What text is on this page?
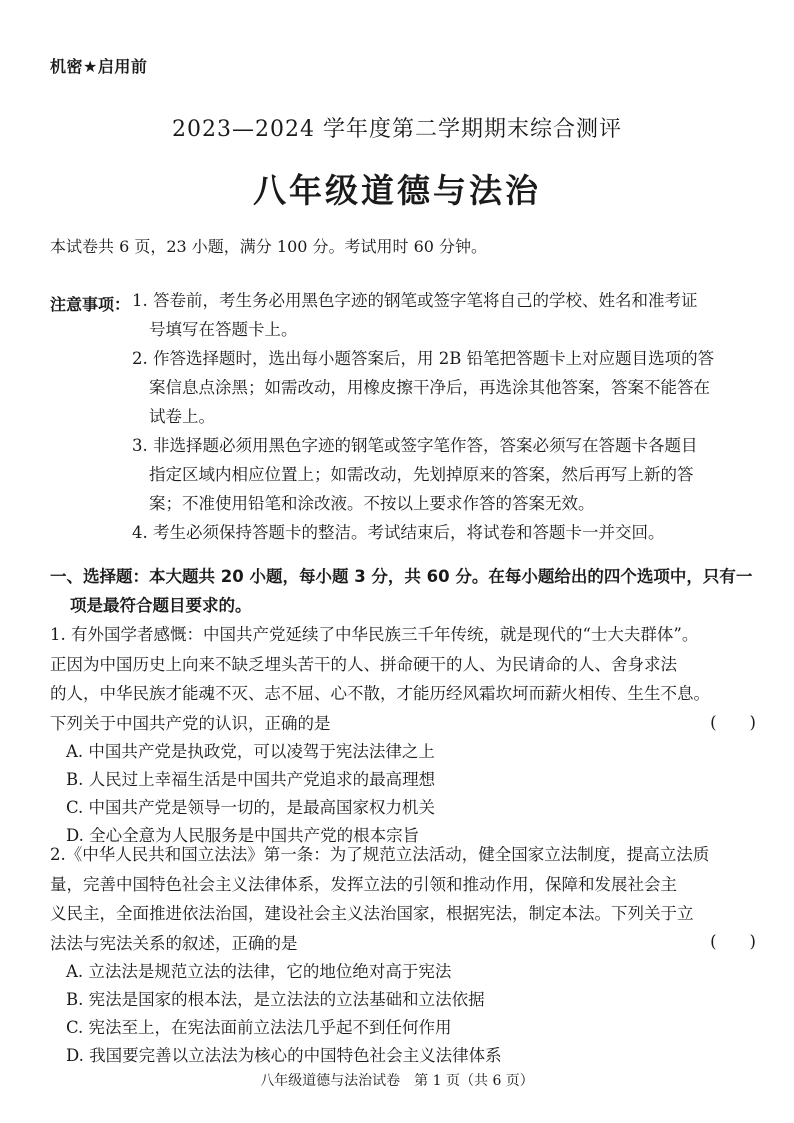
机密★启用前
2023—2024 学年度第二学期期末综合测评
八年级道德与法治
本试卷共 6 页，23 小题，满分 100 分。考试用时 60 分钟。
注意事项： 1. 答卷前，考生务必用黑色字迹的钢笔或签字笔将自己的学校、姓名和准考证
号填写在答题卡上。
2. 作答选择题时，选出每小题答案后，用 2B 铅笔把答题卡上对应题目选项的答
案信息点涂黑；如需改动，用橡皮擦干净后，再选涂其他答案，答案不能答在
试卷上。
3. 非选择题必须用黑色字迹的钢笔或签字笔作答，答案必须写在答题卡各题目
指定区域内相应位置上；如需改动，先划掉原来的答案，然后再写上新的答
案；不准使用铅笔和涂改液。不按以上要求作答的答案无效。
4. 考生必须保持答题卡的整洁。考试结束后，将试卷和答题卡一并交回。
一、选择题：本大题共 20 小题，每小题 3 分，共 60 分。在每小题给出的四个选项中，只有一
项是最符合题目要求的。
1. 有外国学者感慨：中国共产党延续了中华民族三千年传统，就是现代的“士大夫群体”。
正因为中国历史上向来不缺乏埋头苦干的人、拼命硬干的人、为民请命的人、舍身求法
的人，中华民族才能魂不灭、志不屈、心不散，才能历经风霜坎坷而薪火相传、生生不息。
下列关于中国共产党的认识，正确的是	(　　)
A. 中国共产党是执政党，可以凌驾于宪法法律之上
B. 人民过上幸福生活是中国共产党追求的最高理想
C. 中国共产党是领导一切的，是最高国家权力机关
D. 全心全意为人民服务是中国共产党的根本宗旨
2.《中华人民共和国立法法》第一条：为了规范立法活动，健全国家立法制度，提高立法质
量，完善中国特色社会主义法律体系，发挥立法的引领和推动作用，保障和发展社会主
义民主，全面推进依法治国，建设社会主义法治国家，根据宪法，制定本法。下列关于立
法法与宪法关系的叙述，正确的是	(　　)
A. 立法法是规范立法的法律，它的地位绝对高于宪法
B. 宪法是国家的根本法，是立法法的立法基础和立法依据
C. 宪法至上，在宪法面前立法法几乎起不到任何作用
D. 我国要完善以立法法为核心的中国特色社会主义法律体系
八年级道德与法治试卷　第 1 页（共 6 页）
